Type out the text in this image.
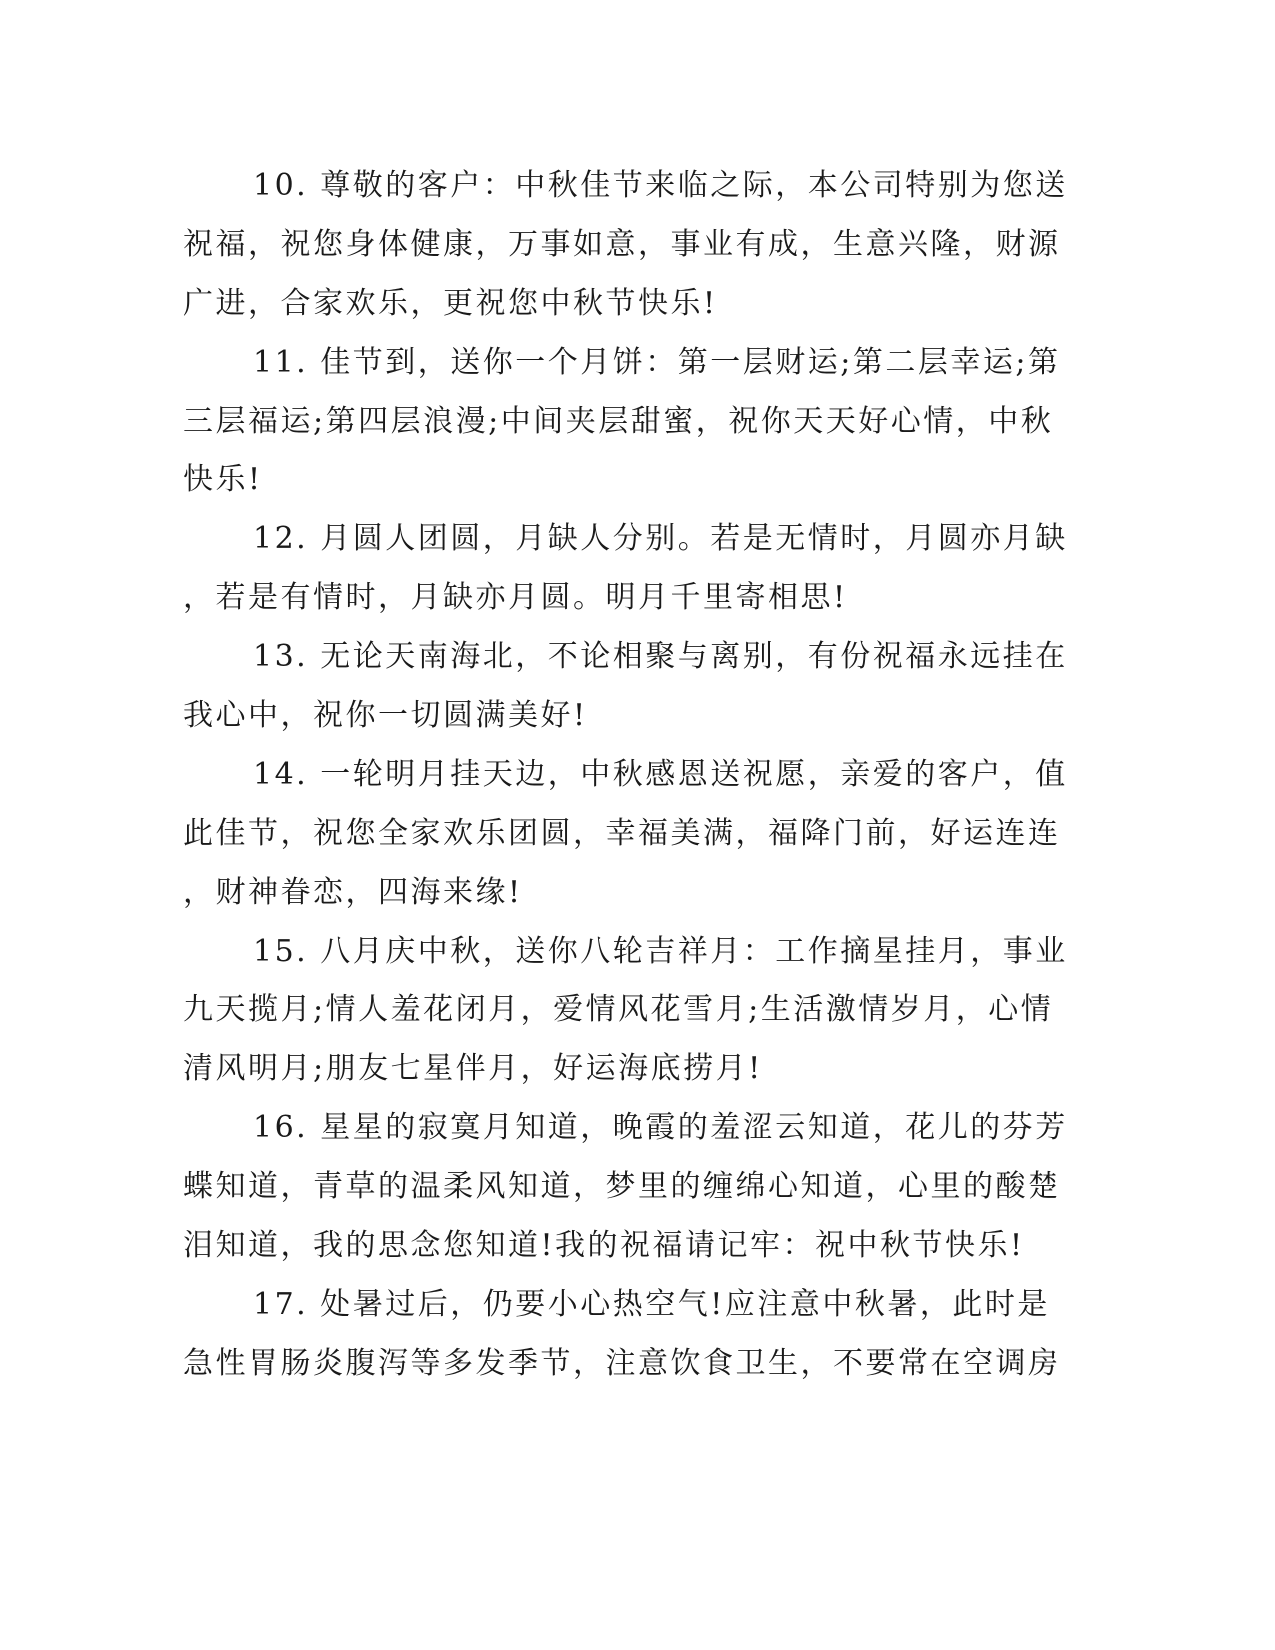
10. 尊敬的客户：中秋佳节来临之际，本公司特别为您送
祝福，祝您身体健康，万事如意，事业有成，生意兴隆，财源
广进，合家欢乐，更祝您中秋节快乐!
11. 佳节到，送你一个月饼：第一层财运;第二层幸运;第
三层福运;第四层浪漫;中间夹层甜蜜，祝你天天好心情，中秋
快乐!
12. 月圆人团圆，月缺人分别。若是无情时，月圆亦月缺
，若是有情时，月缺亦月圆。明月千里寄相思!
13. 无论天南海北，不论相聚与离别，有份祝福永远挂在
我心中，祝你一切圆满美好!
14. 一轮明月挂天边，中秋感恩送祝愿，亲爱的客户，值
此佳节，祝您全家欢乐团圆，幸福美满，福降门前，好运连连
，财神眷恋，四海来缘!
15. 八月庆中秋，送你八轮吉祥月：工作摘星挂月，事业
九天揽月;情人羞花闭月，爱情风花雪月;生活激情岁月，心情
清风明月;朋友七星伴月，好运海底捞月!
16. 星星的寂寞月知道，晚霞的羞涩云知道，花儿的芬芳
蝶知道，青草的温柔风知道，梦里的缠绵心知道，心里的酸楚
泪知道，我的思念您知道!我的祝福请记牢：祝中秋节快乐!
17. 处暑过后，仍要小心热空气!应注意中秋暑，此时是
急性胃肠炎腹泻等多发季节，注意饮食卫生，不要常在空调房
